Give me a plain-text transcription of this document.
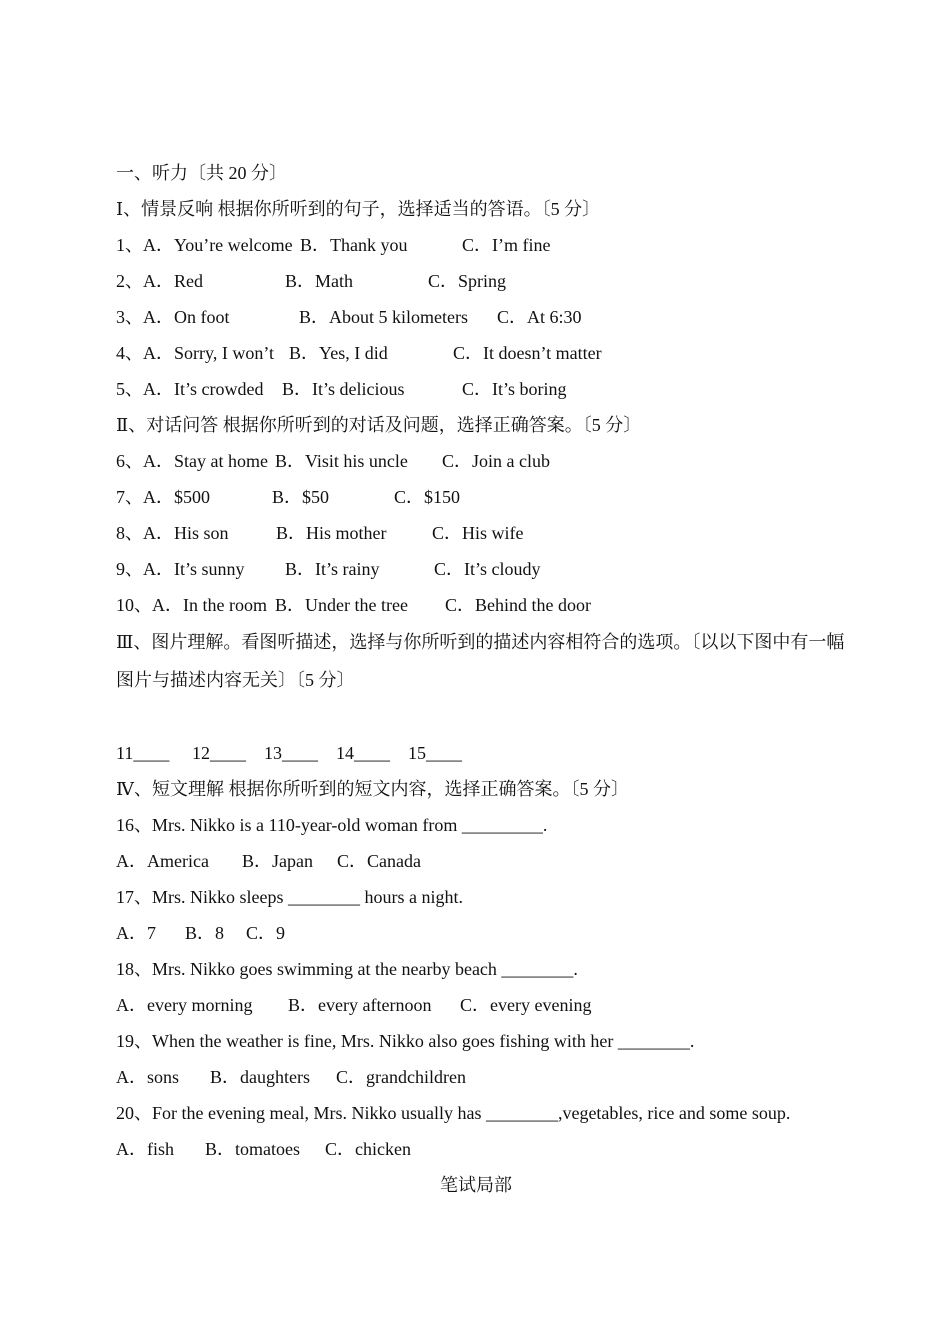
一、听力〔共 20 分〕
Ⅰ、情景反响 根据你所听到的句子，选择适当的答语。〔5 分〕
1、A．You’re welcome B．Thank you	C．I’m fine
2、A．Red	B．Math	C．Spring
3、A．On foot	B．About 5 kilometers C．At 6:30
4、A．Sorry, I won’t B．Yes, I did	C．It doesn’t matter
5、A．It’s crowded B．It’s delicious	C．It’s boring
Ⅱ、对话问答 根据你所听到的对话及问题，选择正确答案。〔5 分〕
6、A．Stay at home B．Visit his uncle C．Join a club
7、A．$500	B．$50	C．$150
8、A．His son	B．His mother	C．His wife
9、A．It’s sunny B．It’s rainy	C．It’s cloudy
10、A．In the room B．Under the tree C．Behind the door
Ⅲ、图片理解。看图听描述，选择与你所听到的描述内容相符合的选项。〔以以下图中有一幅图片与描述内容无关〕〔5 分〕
11____ 12____ 13____ 14____ 15____
Ⅳ、短文理解 根据你所听到的短文内容，选择正确答案。〔5 分〕
16、Mrs. Nikko is a 110-year-old woman from _________.
A．America B．Japan C．Canada
17、Mrs. Nikko sleeps ________ hours a night.
A．7 B．8 C．9
18、Mrs. Nikko goes swimming at the nearby beach ________.
A．every morning B．every afternoon C．every evening
19、When the weather is fine, Mrs. Nikko also goes fishing with her ________.
A．sons B．daughters C．grandchildren
20、For the evening meal, Mrs. Nikko usually has ________,vegetables, rice and some soup.
A．fish B．tomatoes C．chicken
笔试局部
